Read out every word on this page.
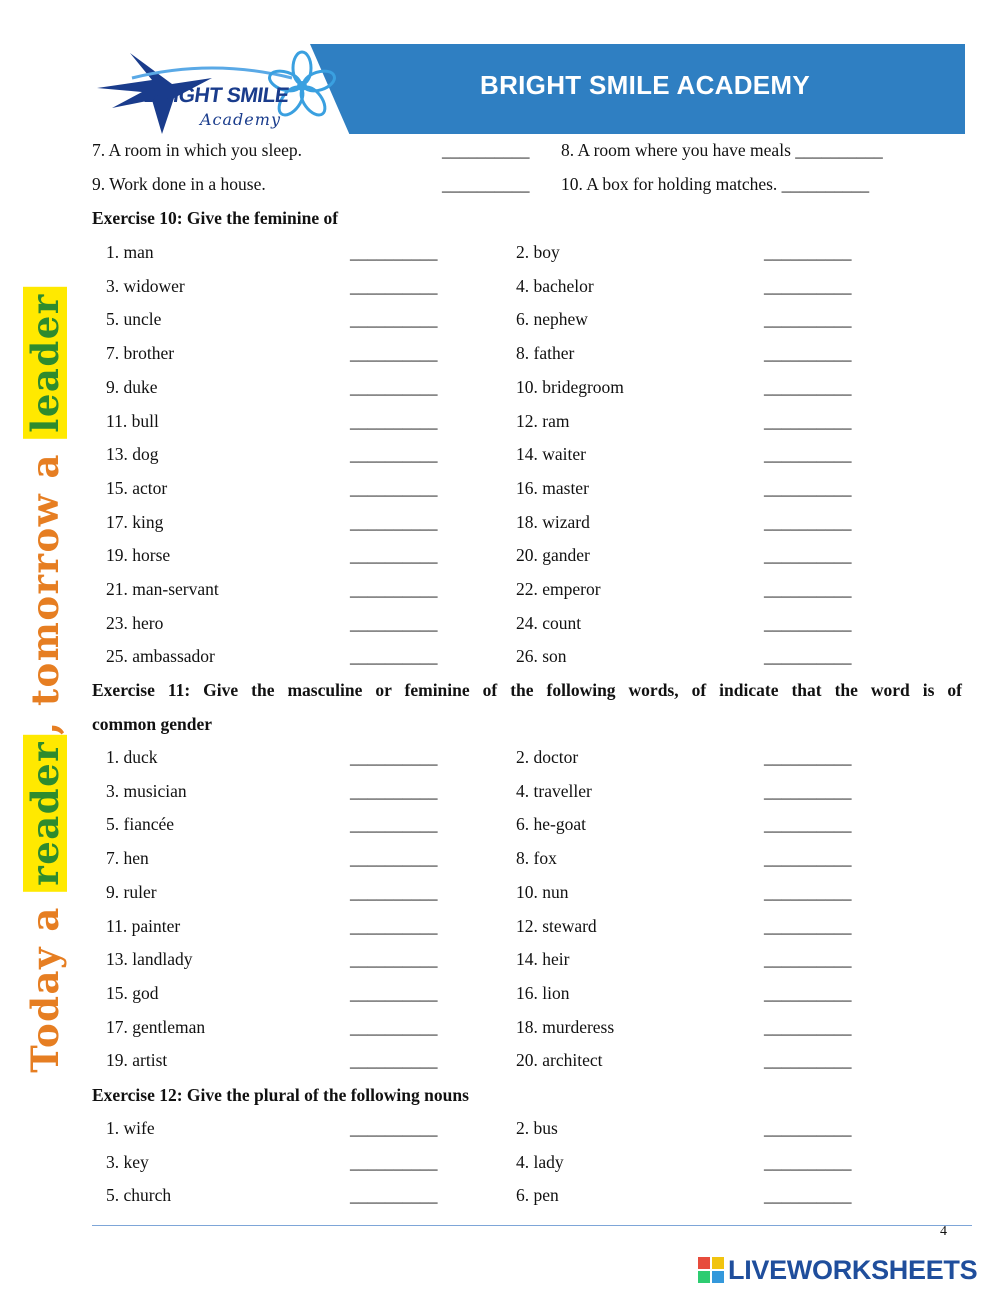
BRIGHT SMILE ACADEMY
BRIGHT SMILE
Academy
Today a reader, tomorrow a leader
7. A room in which you sleep.	__________ 8. A room where you have meals __________
9. Work done in a house.	__________ 10. A box for holding matches. __________
Exercise 10: Give the feminine of
1. man	__________	2. boy	__________
3. widower	__________	4. bachelor	__________
5. uncle	__________	6. nephew	__________
7. brother	__________	8. father	__________
9. duke	__________	10. bridegroom	__________
11. bull	__________	12. ram	__________
13. dog	__________	14. waiter	__________
15. actor	__________	16. master	__________
17. king	__________	18. wizard	__________
19. horse	__________	20. gander	__________
21. man-servant	__________	22. emperor	__________
23. hero	__________	24. count	__________
25. ambassador	__________	26. son	__________
Exercise 11: Give the masculine or feminine of the following words, of indicate that the word is of
common gender
1. duck	__________	2. doctor	__________
3. musician	__________	4. traveller	__________
5. fiancée	__________	6. he-goat	__________
7. hen	__________	8. fox	__________
9. ruler	__________	10. nun	__________
11. painter	__________	12. steward	__________
13. landlady	__________	14. heir	__________
15. god	__________	16. lion	__________
17. gentleman	__________	18. murderess	__________
19. artist	__________	20. architect	__________
Exercise 12: Give the plural of the following nouns
1. wife	__________	2. bus	__________
3. key	__________	4. lady	__________
5. church	__________	6. pen	__________
4
LIVEWORKSHEETS
